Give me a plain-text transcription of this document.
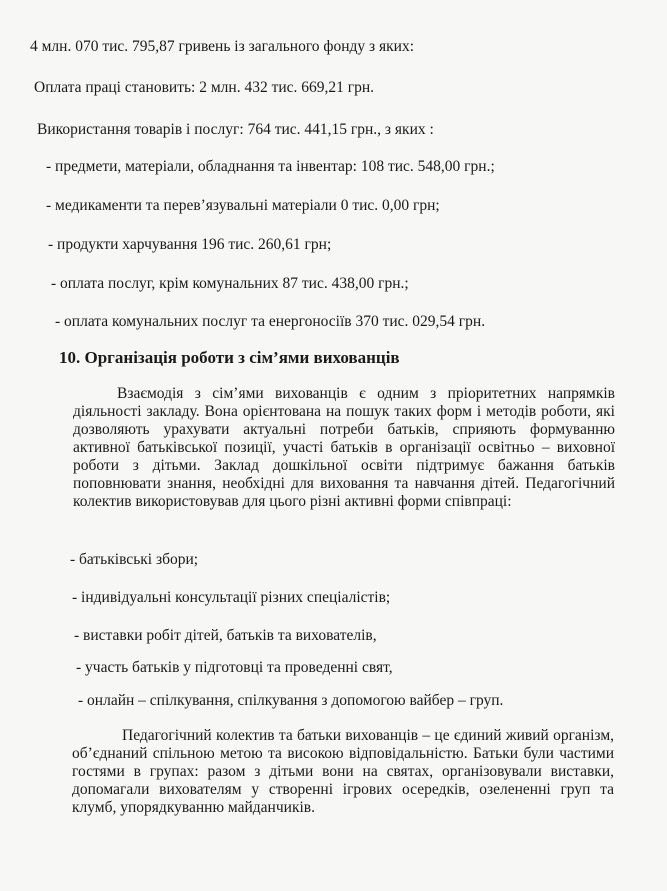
4 млн. 070 тис. 795,87 гривень із загального фонду з яких:
Оплата праці становить: 2 млн. 432 тис. 669,21 грн.
Використання товарів і послуг: 764 тис. 441,15 грн., з яких :
- предмети, матеріали, обладнання та інвентар: 108 тис. 548,00 грн.;
- медикаменти та перев’язувальні матеріали 0 тис. 0,00 грн;
- продукти харчування 196 тис. 260,61 грн;
- оплата послуг, крім комунальних 87 тис. 438,00 грн.;
- оплата комунальних послуг та енергоносіїв 370 тис. 029,54 грн.
10. Організація роботи з сім’ями вихованців
Взаємодія з сім’ями вихованців є одним з пріоритетних напрямків діяльності закладу. Вона орієнтована на пошук таких форм і методів роботи, які дозволяють урахувати актуальні потреби батьків, сприяють формуванню активної батьківської позиції, участі батьків в організації освітньо – виховної роботи з дітьми. Заклад дошкільної освіти підтримує бажання батьків поповнювати знання, необхідні для виховання та навчання дітей. Педагогічний колектив використовував для цього різні активні форми співпраці:
- батьківські збори;
- індивідуальні консультації різних спеціалістів;
- виставки робіт дітей, батьків та вихователів,
- участь батьків у підготовці та проведенні свят,
- онлайн – спілкування, спілкування з допомогою вайбер – груп.
Педагогічний колектив та батьки вихованців – це єдиний живий організм, об’єднаний спільною метою та високою відповідальністю. Батьки були частими гостями в групах: разом з дітьми вони на святах, організовували виставки, допомагали вихователям у створенні ігрових осередків, озелененні груп та клумб, упорядкуванню майданчиків.
